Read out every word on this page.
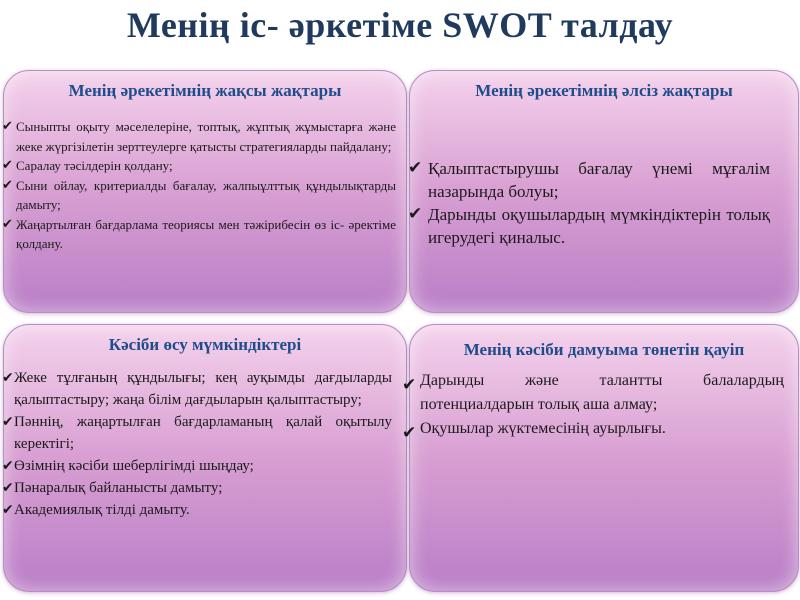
Менің іс- әркетіме SWOT талдау
Менің әрекетімнің жақсы жақтары
✔ Сыныпты оқыту мәселелеріне, топтық, жұптық жұмыстарға және жеке жүргізілетін зерттеулерге қатысты стратегияларды пайдалану;
✔ Саралау тәсілдерін қолдану;
✔ Сыни ойлау, критериалды бағалау, жалпыұлттық құндылықтарды дамыту;
✔ Жаңартылған бағдарлама теориясы мен тәжірибесін өз іс- әректіме қолдану.
Менің әрекетімнің әлсіз жақтары
✔ Қалыптастырушы бағалау үнемі мұғалім назарында болуы;
✔ Дарынды оқушылардың мүмкіндіктерін толық игерудегі қиналыс.
Кәсіби өсу мүмкіндіктері
✔ Жеке тұлғаның құндылығы; кең ауқымды дағдыларды қалыптастыру; жаңа білім дағдыларын қалыптастыру;
✔ Пәннің, жаңартылған бағдарламаның қалай оқытылу керектігі;
✔ Өзімнің кәсіби шеберлігімді шыңдау;
✔ Пәнаралық байланысты дамыту;
✔ Академиялық тілді дамыту.
Менің кәсіби дамуыма төнетін қауіп
✔ Дарынды және талантты балалардың потенциалдарын толық аша алмау;
✔ Оқушылар жүктемесінің ауырлығы.
